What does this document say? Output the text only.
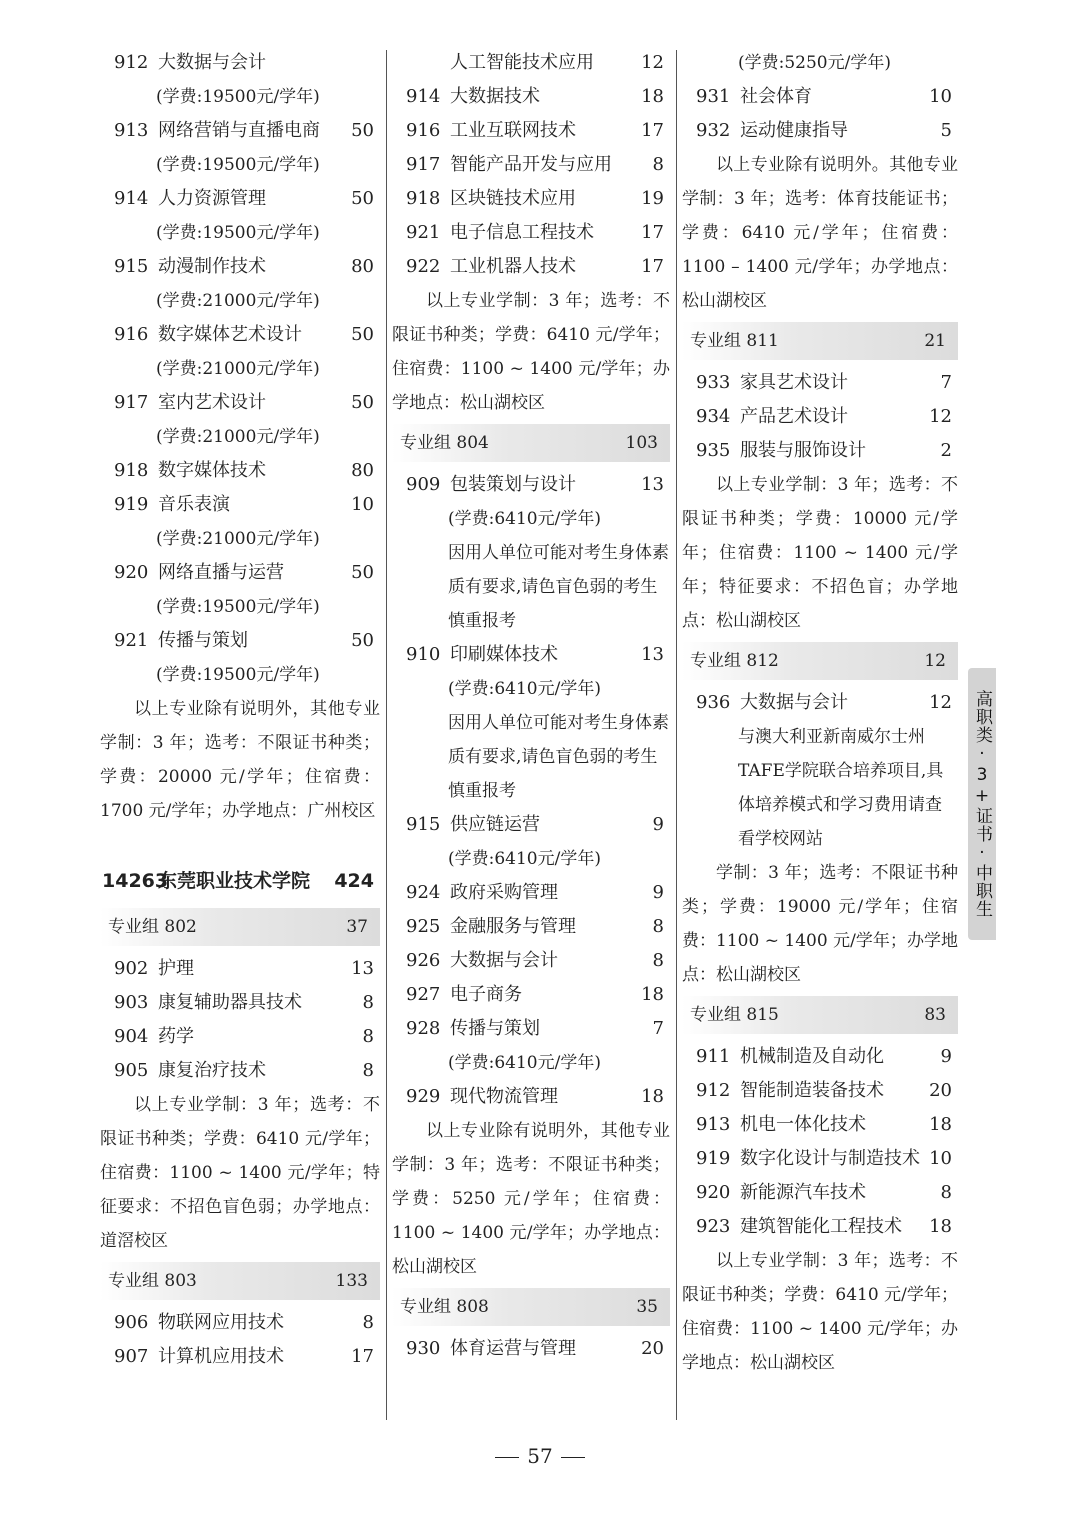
912 大数据与会计
(学费:19500元/学年)
913 网络营销与直播电商 50
(学费:19500元/学年)
914 人力资源管理	50
(学费:19500元/学年)
915 动漫制作技术	80
(学费:21000元/学年)
916 数字媒体艺术设计	50
(学费:21000元/学年)
917 室内艺术设计	50
(学费:21000元/学年)
918 数字媒体技术	80
919 音乐表演	10
(学费:21000元/学年)
920 网络直播与运营	50
(学费:19500元/学年)
921 传播与策划	50
(学费:19500元/学年)
以上专业除有说明外，其他专业学制：3 年；选考：不限证书种类；学费：20000 元/学年；住宿费：1700 元/学年；办学地点：广州校区
14263
东莞职业技术学院 424
专业组 802	37
902 护理	13
903 康复辅助器具技术	8
904 药学	8
905 康复治疗技术	8
以上专业学制：3 年；选考：不限证书种类；学费：6410 元/学年；住宿费：1100 ~ 1400 元/学年；特征要求：不招色盲色弱；办学地点：道滘校区
专业组 803	133
906 物联网应用技术	8
907 计算机应用技术	17
人工智能技术应用	12
914 大数据技术	18
916 工业互联网技术	17
917 智能产品开发与应用 8
918 区块链技术应用	19
921 电子信息工程技术	17
922 工业机器人技术	17
以上专业学制：3 年；选考：不限证书种类；学费：6410 元/学年；住宿费：1100 ~ 1400 元/学年；办学地点：松山湖校区
专业组 804	103
909 包装策划与设计	13
(学费:6410元/学年)
因用人单位可能对考生身体素质有要求,请色盲色弱的考生慎重报考
910 印刷媒体技术	13
(学费:6410元/学年)
因用人单位可能对考生身体素质有要求,请色盲色弱的考生慎重报考
915 供应链运营	9
(学费:6410元/学年)
924 政府采购管理	9
925 金融服务与管理	8
926 大数据与会计	8
927 电子商务	18
928 传播与策划	7
(学费:6410元/学年)
929 现代物流管理	18
以上专业除有说明外，其他专业学制：3 年；选考：不限证书种类；学费：5250 元/学年；住宿费：1100 ~ 1400 元/学年；办学地点：松山湖校区
专业组 808	35
930 体育运营与管理	20
(学费:5250元/学年)
931 社会体育	10
932 运动健康指导	5
以上专业除有说明外。其他专业学制：3 年；选考：体育技能证书；学费：6410 元/学年；住宿费：1100 – 1400 元/学年；办学地点：松山湖校区
专业组 811	21
933 家具艺术设计	7
934 产品艺术设计	12
935 服装与服饰设计	2
以上专业学制：3 年；选考：不限证书种类；学费：10000 元/学年；住宿费：1100 ~ 1400 元/学年；特征要求：不招色盲；办学地点：松山湖校区
专业组 812	12
936 大数据与会计	12
与澳大利亚新南威尔士州TAFE学院联合培养项目,具体培养模式和学习费用请查看学校网站
学制：3 年；选考：不限证书种类；学费：19000 元/学年；住宿费：1100 ~ 1400 元/学年；办学地点：松山湖校区
专业组 815	83
911 机械制造及自动化	9
912 智能制造装备技术	20
913 机电一体化技术	18
919 数字化设计与制造技术 10
920 新能源汽车技术	8
923 建筑智能化工程技术 18
以上专业学制：3 年；选考：不限证书种类；学费：6410 元/学年；住宿费：1100 ~ 1400 元/学年；办学地点：松山湖校区
高职类·3+证书·中职生
57
